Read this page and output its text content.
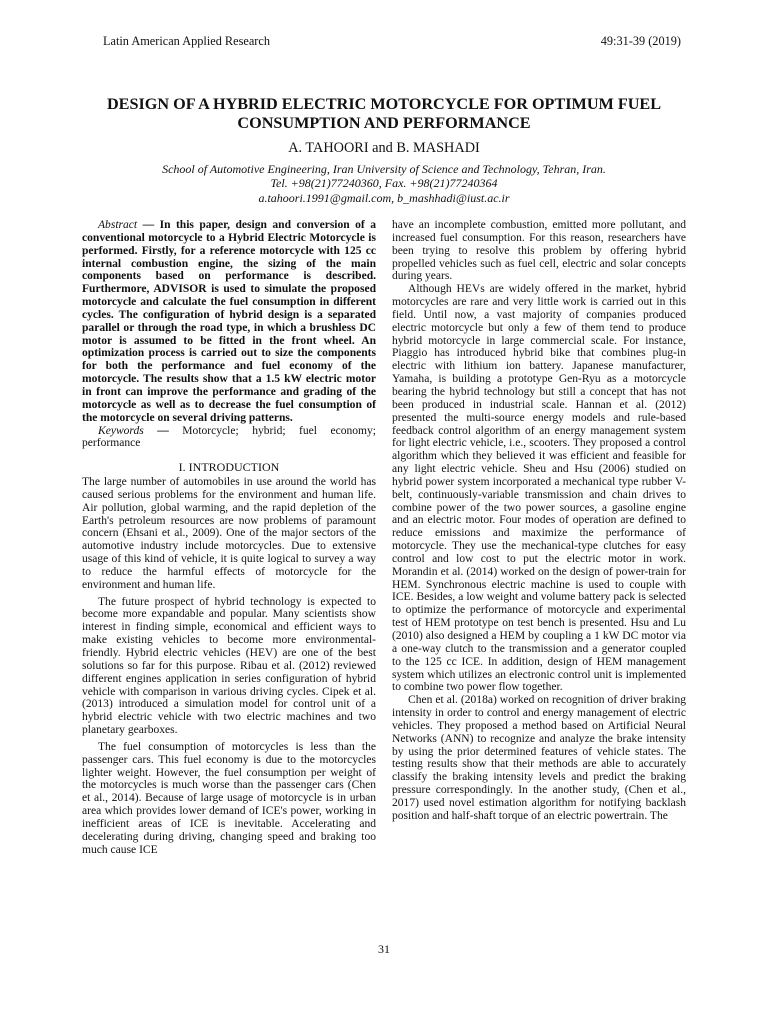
Latin American Applied Research	49:31-39 (2019)
DESIGN OF A HYBRID ELECTRIC MOTORCYCLE FOR OPTIMUM FUEL CONSUMPTION AND PERFORMANCE
A. TAHOORI and B. MASHADI
School of Automotive Engineering, Iran University of Science and Technology, Tehran, Iran.
Tel. +98(21)77240360, Fax. +98(21)77240364
a.tahoori.1991@gmail.com, b_mashhadi@iust.ac.ir

Abstract — In this paper, design and conversion of a conventional motorcycle to a Hybrid Electric Motorcycle is performed. Firstly, for a reference motorcycle with 125 cc internal combustion engine, the sizing of the main components based on performance is described. Furthermore, ADVISOR is used to simulate the proposed motorcycle and calculate the fuel consumption in different cycles. The configuration of hybrid design is a separated parallel or through the road type, in which a brushless DC motor is assumed to be fitted in the front wheel. An optimization process is carried out to size the components for both the performance and fuel economy of the motorcycle. The results show that a 1.5 kW electric motor in front can improve the performance and grading of the motorcycle as well as to decrease the fuel consumption of the motorcycle on several driving patterns.

Keywords — Motorcycle; hybrid; fuel economy; performance

I. INTRODUCTION

The large number of automobiles in use around the world has caused serious problems for the environment and human life. Air pollution, global warming, and the rapid depletion of the Earth's petroleum resources are now problems of paramount concern (Ehsani et al., 2009). One of the major sectors of the automotive industry include motorcycles. Due to extensive usage of this kind of vehicle, it is quite logical to survey a way to reduce the harmful effects of motorcycle for the environment and human life.

The future prospect of hybrid technology is expected to become more expandable and popular. Many scientists show interest in finding simple, economical and efficient ways to make existing vehicles to become more environmental-friendly. Hybrid electric vehicles (HEV) are one of the best solutions so far for this purpose. Ribau et al. (2012) reviewed different engines application in series configuration of hybrid vehicle with comparison in various driving cycles. Cipek et al. (2013) introduced a simulation model for control unit of a hybrid electric vehicle with two electric machines and two planetary gearboxes.

The fuel consumption of motorcycles is less than the passenger cars. This fuel economy is due to the motorcycles lighter weight. However, the fuel consumption per weight of the motorcycles is much worse than the passenger cars (Chen et al., 2014). Because of large usage of motorcycle is in urban area which provides lower demand of ICE's power, working in inefficient areas of ICE is inevitable. Accelerating and decelerating during driving, changing speed and braking too much cause ICE

have an incomplete combustion, emitted more pollutant, and increased fuel consumption. For this reason, researchers have been trying to resolve this problem by offering hybrid propelled vehicles such as fuel cell, electric and solar concepts during years.

Although HEVs are widely offered in the market, hybrid motorcycles are rare and very little work is carried out in this field. Until now, a vast majority of companies produced electric motorcycle but only a few of them tend to produce hybrid motorcycle in large commercial scale. For instance, Piaggio has introduced hybrid bike that combines plug-in electric with lithium ion battery. Japanese manufacturer, Yamaha, is building a prototype Gen-Ryu as a motorcycle bearing the hybrid technology but still a concept that has not been produced in industrial scale. Hannan et al. (2012) presented the multi-source energy models and rule-based feedback control algorithm of an energy management system for light electric vehicle, i.e., scooters. They proposed a control algorithm which they believed it was efficient and feasible for any light electric vehicle. Sheu and Hsu (2006) studied on hybrid power system incorporated a mechanical type rubber V-belt, continuously-variable transmission and chain drives to combine power of the two power sources, a gasoline engine and an electric motor. Four modes of operation are defined to reduce emissions and maximize the performance of motorcycle. They use the mechanical-type clutches for easy control and low cost to put the electric motor in work. Morandin et al. (2014) worked on the design of power-train for HEM. Synchronous electric machine is used to couple with ICE. Besides, a low weight and volume battery pack is selected to optimize the performance of motorcycle and experimental test of HEM prototype on test bench is presented. Hsu and Lu (2010) also designed a HEM by coupling a 1 kW DC motor via a one-way clutch to the transmission and a generator coupled to the 125 cc ICE. In addition, design of HEM management system which utilizes an electronic control unit is implemented to combine two power flow together.

Chen et al. (2018a) worked on recognition of driver braking intensity in order to control and energy management of electric vehicles. They proposed a method based on Artificial Neural Networks (ANN) to recognize and analyze the brake intensity by using the prior determined features of vehicle states. The testing results show that their methods are able to accurately classify the braking intensity levels and predict the braking pressure correspondingly. In the another study, (Chen et al., 2017) used novel estimation algorithm for notifying backlash position and half-shaft torque of an electric powertrain. The

31
